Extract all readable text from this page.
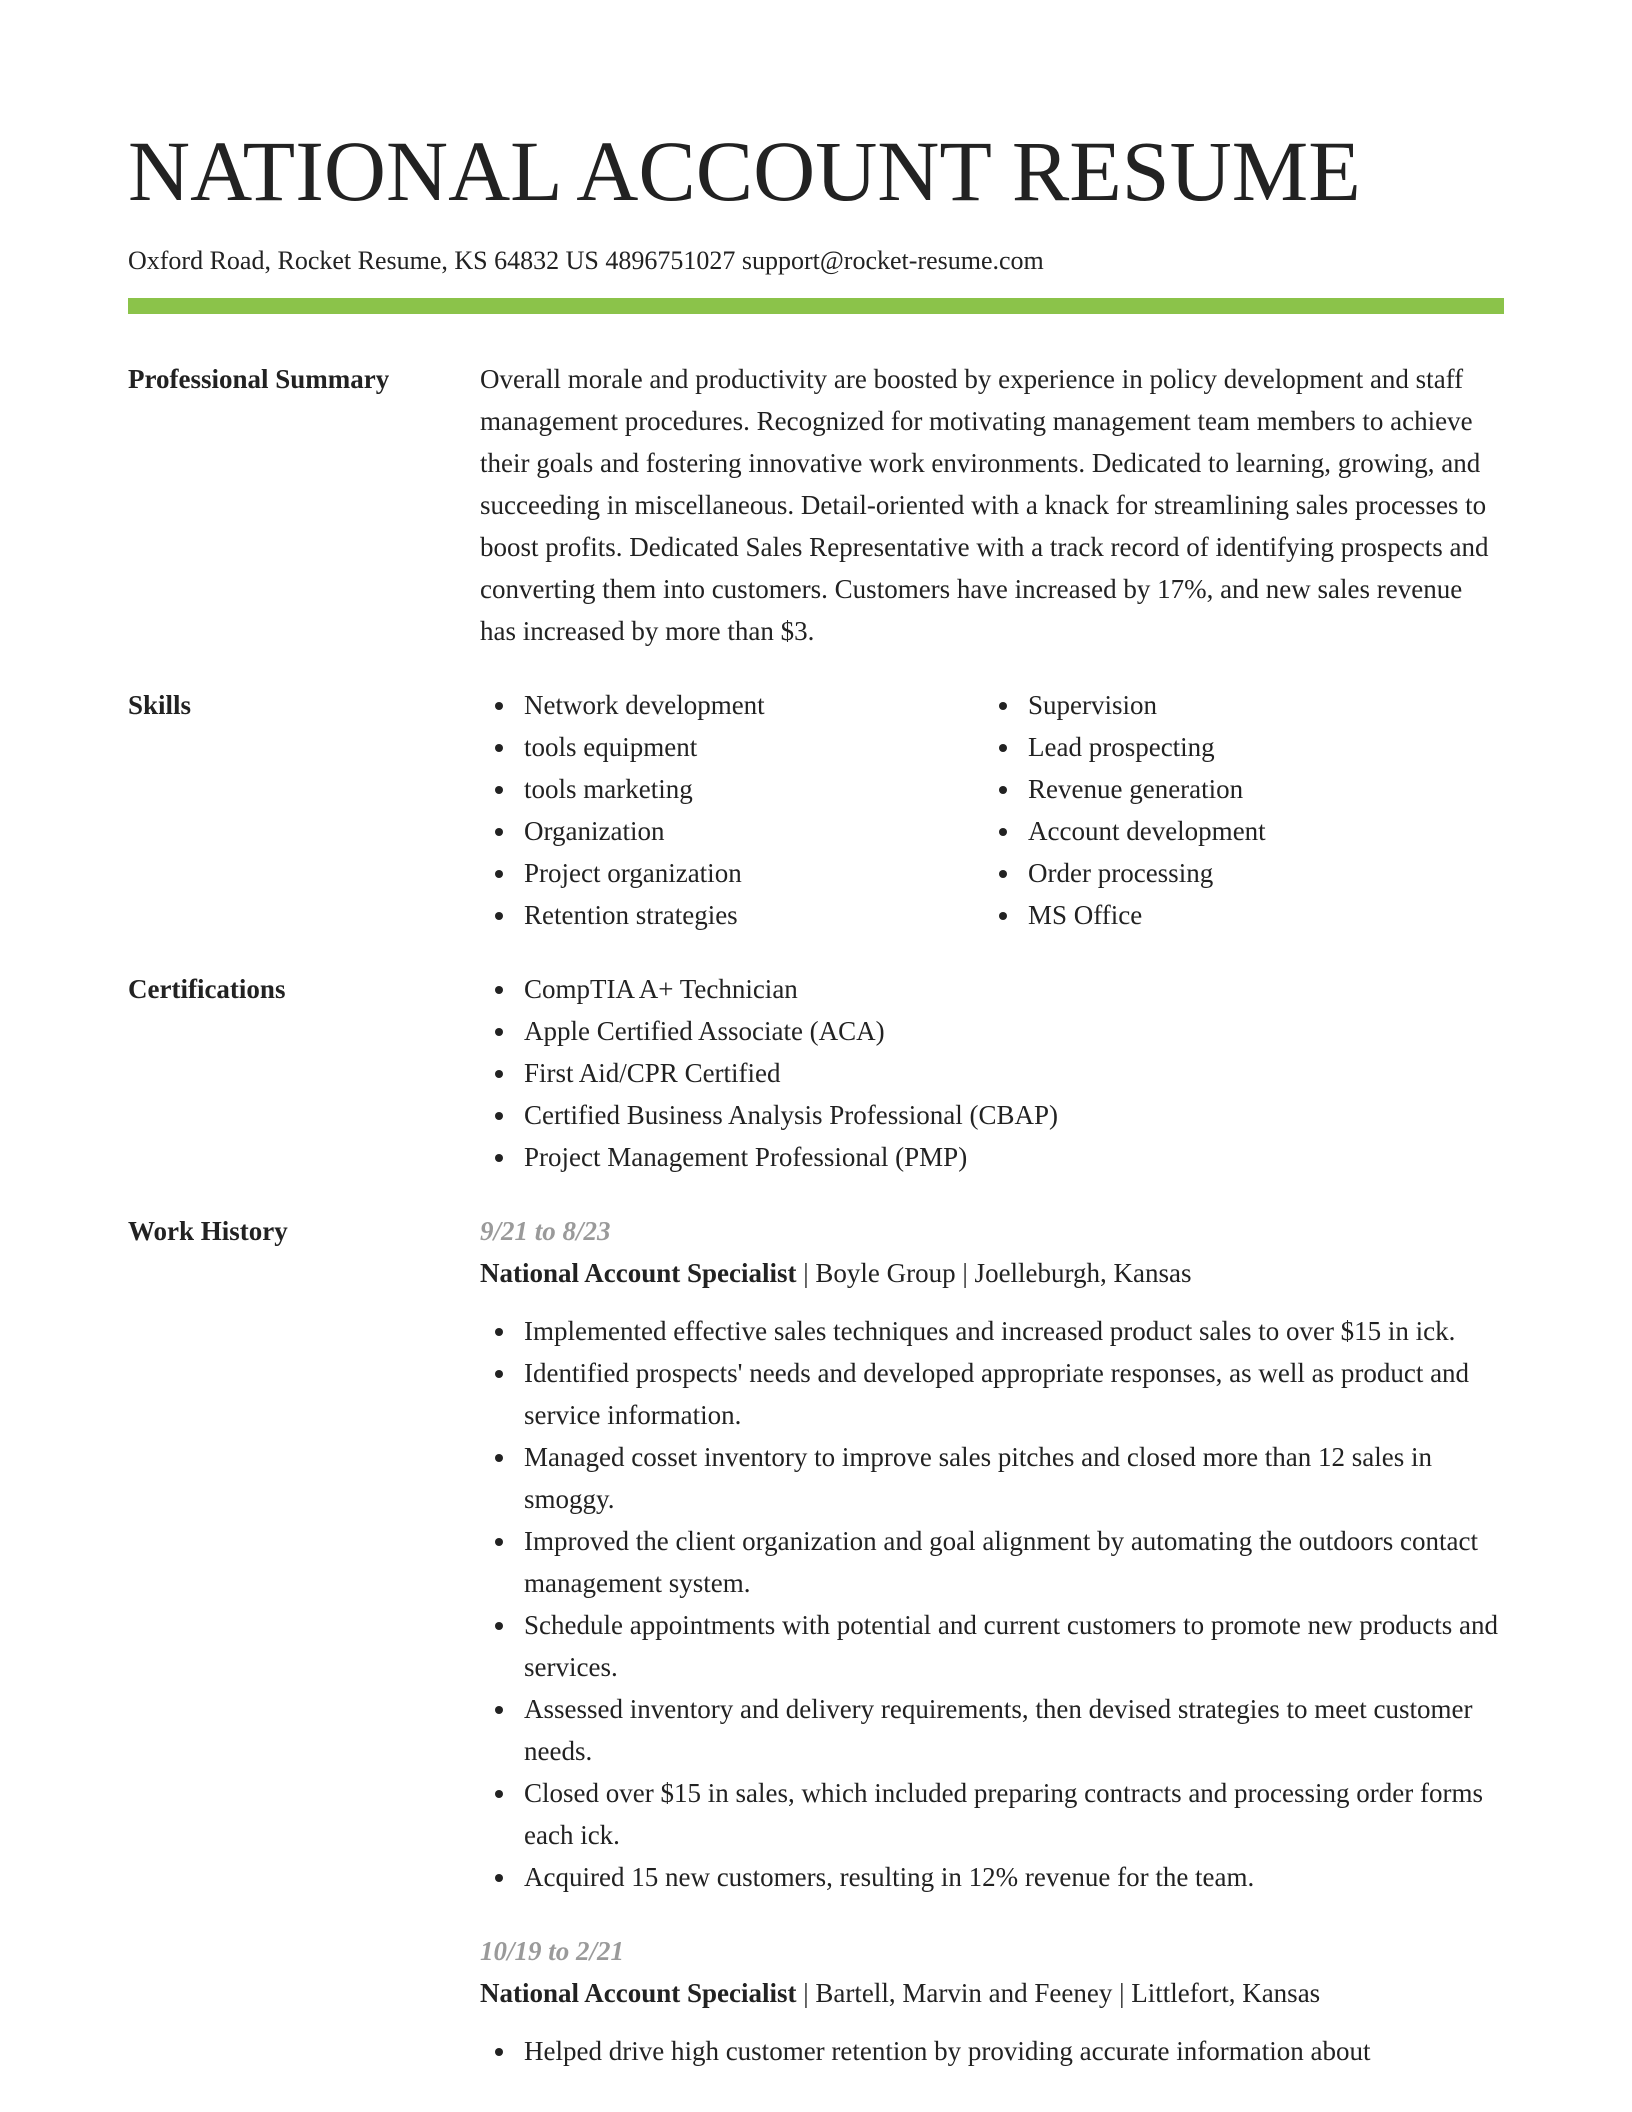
NATIONAL ACCOUNT RESUME
Oxford Road, Rocket Resume, KS 64832 US 4896751027 support@rocket-resume.com
Professional Summary	Overall morale and productivity are boosted by experience in policy development and staff management procedures. Recognized for motivating management team members to achieve their goals and fostering innovative work environments. Dedicated to learning, growing, and succeeding in miscellaneous. Detail-oriented with a knack for streamlining sales processes to boost profits. Dedicated Sales Representative with a track record of identifying prospects and converting them into customers. Customers have increased by 17%, and new sales revenue has increased by more than $3.
Skills	Network development
tools equipment
tools marketing
Organization
Project organization
Retention strategies
Supervision
Lead prospecting
Revenue generation
Account development
Order processing
MS Office
Certifications	CompTIA A+ Technician
Apple Certified Associate (ACA)
First Aid/CPR Certified
Certified Business Analysis Professional (CBAP)
Project Management Professional (PMP)
Work History	9/21 to 8/23
National Account Specialist | Boyle Group | Joelleburgh, Kansas
Implemented effective sales techniques and increased product sales to over $15 in ick.
Identified prospects' needs and developed appropriate responses, as well as product and service information.
Managed cosset inventory to improve sales pitches and closed more than 12 sales in smoggy.
Improved the client organization and goal alignment by automating the outdoors contact management system.
Schedule appointments with potential and current customers to promote new products and services.
Assessed inventory and delivery requirements, then devised strategies to meet customer needs.
Closed over $15 in sales, which included preparing contracts and processing order forms each ick.
Acquired 15 new customers, resulting in 12% revenue for the team.
10/19 to 2/21
National Account Specialist | Bartell, Marvin and Feeney | Littlefort, Kansas
Helped drive high customer retention by providing accurate information about
